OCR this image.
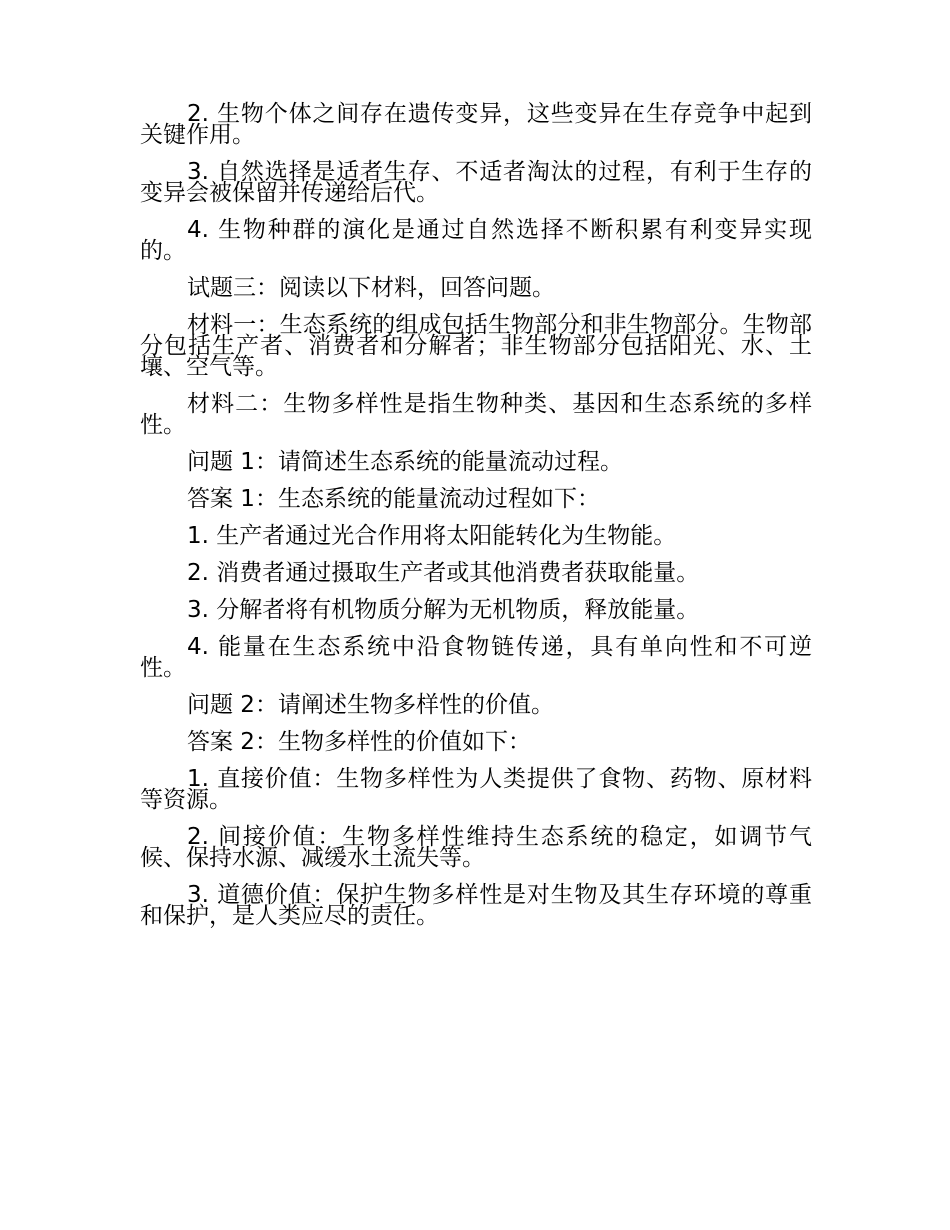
2. 生物个体之间存在遗传变异，这些变异在生存竞争中起到关键作用。

3. 自然选择是适者生存、不适者淘汰的过程，有利于生存的变异会被保留并传递给后代。

4. 生物种群的演化是通过自然选择不断积累有利变异实现的。

试题三：阅读以下材料，回答问题。

材料一：生态系统的组成包括生物部分和非生物部分。生物部分包括生产者、消费者和分解者；非生物部分包括阳光、水、土壤、空气等。

材料二：生物多样性是指生物种类、基因和生态系统的多样性。

问题 1：请简述生态系统的能量流动过程。

答案 1：生态系统的能量流动过程如下：

1. 生产者通过光合作用将太阳能转化为生物能。

2. 消费者通过摄取生产者或其他消费者获取能量。

3. 分解者将有机物质分解为无机物质，释放能量。

4. 能量在生态系统中沿食物链传递，具有单向性和不可逆性。

问题 2：请阐述生物多样性的价值。

答案 2：生物多样性的价值如下：

1. 直接价值：生物多样性为人类提供了食物、药物、原材料等资源。

2. 间接价值：生物多样性维持生态系统的稳定，如调节气候、保持水源、减缓水土流失等。

3. 道德价值：保护生物多样性是对生物及其生存环境的尊重和保护，是人类应尽的责任。
